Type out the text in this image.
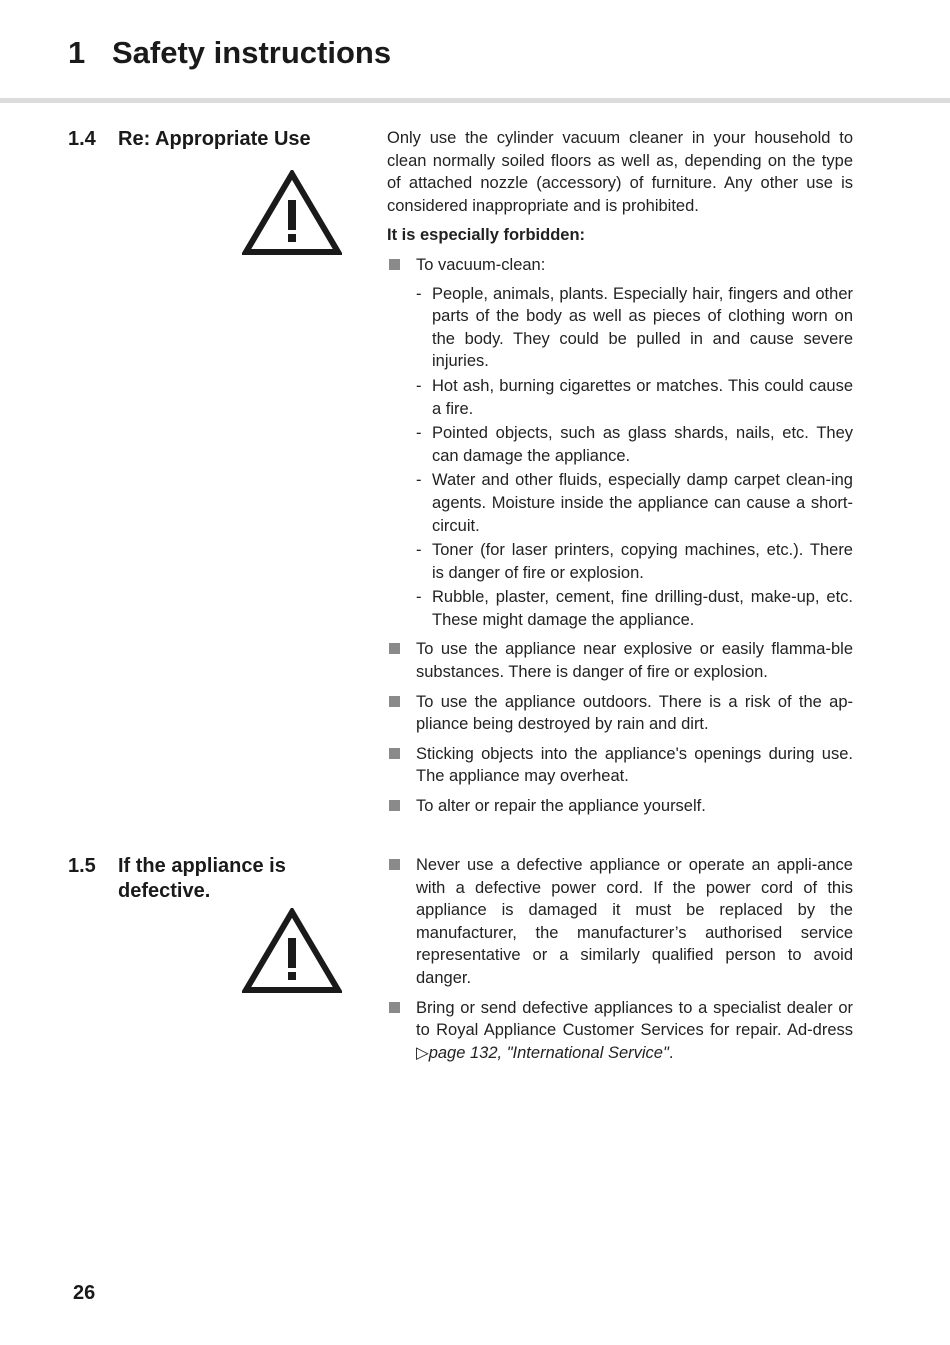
1 Safety instructions
1.4 Re: Appropriate Use	Only use the cylinder vacuum cleaner in your household to clean normally soiled floors as well as, depending on the type of attached nozzle (accessory) of furniture. Any other use is considered inappropriate and is prohibited.

It is especially forbidden:

To vacuum-clean:
- People, animals, plants. Especially hair, fingers and other parts of the body as well as pieces of clothing worn on the body. They could be pulled in and cause severe injuries.
- Hot ash, burning cigarettes or matches. This could cause a fire.
- Pointed objects, such as glass shards, nails, etc. They can damage the appliance.
- Water and other fluids, especially damp carpet clean-ing agents. Moisture inside the appliance can cause a short-circuit.
- Toner (for laser printers, copying machines, etc.). There is danger of fire or explosion.
- Rubble, plaster, cement, fine drilling-dust, make-up, etc. These might damage the appliance.
To use the appliance near explosive or easily flamma-ble substances. There is danger of fire or explosion.
To use the appliance outdoors. There is a risk of the ap-pliance being destroyed by rain and dirt.
Sticking objects into the appliance's openings during use. The appliance may overheat.
To alter or repair the appliance yourself.
1.5 If the appliance is defective.
Never use a defective appliance or operate an appli-ance with a defective power cord. If the power cord of this appliance is damaged it must be replaced by the manufacturer, the manufacturer’s authorised service representative or a similarly qualified person to avoid danger.
Bring or send defective appliances to a specialist dealer or to Royal Appliance Customer Services for repair. Ad-dress ▷page 132, "International Service".
26
